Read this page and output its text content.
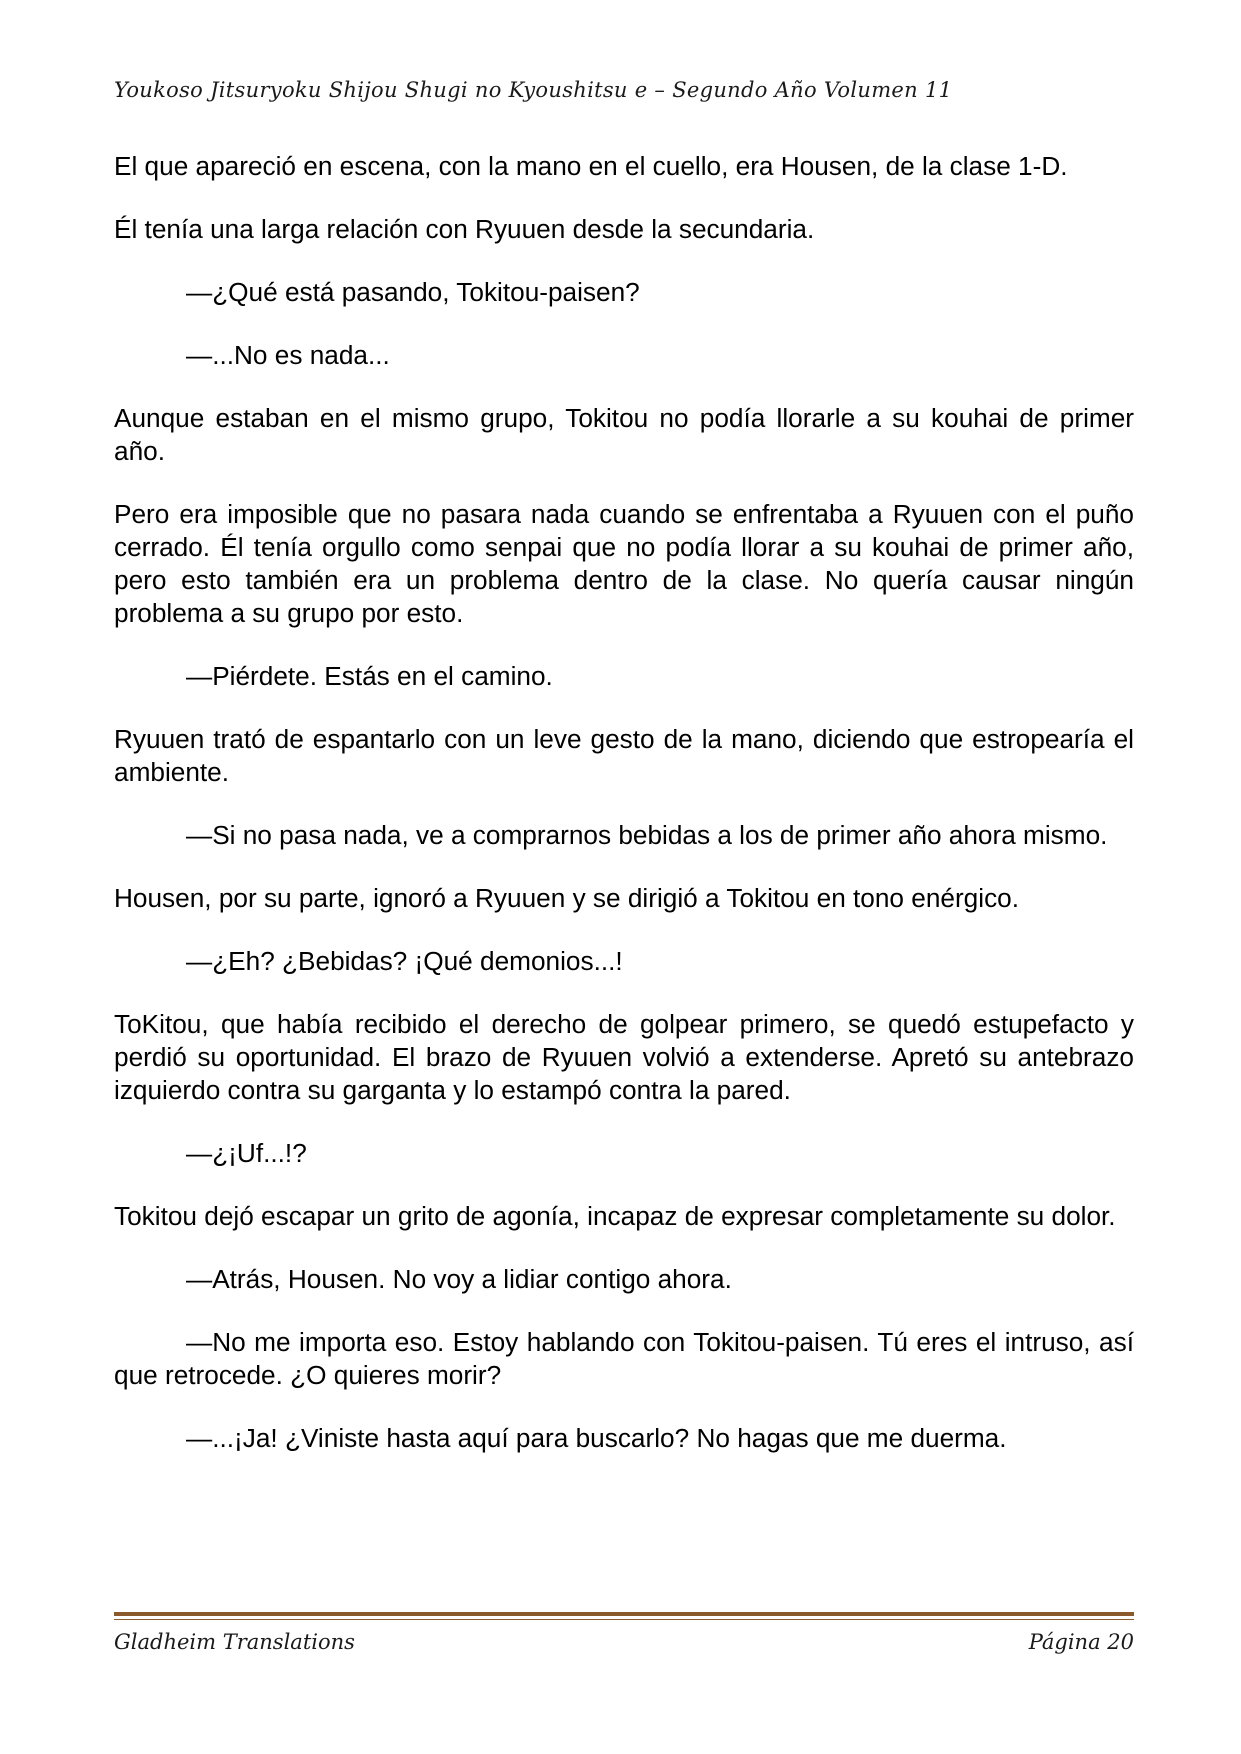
Youkoso Jitsuryoku Shijou Shugi no Kyoushitsu e – Segundo Año Volumen 11

El que apareció en escena, con la mano en el cuello, era Housen, de la clase 1-D.

Él tenía una larga relación con Ryuuen desde la secundaria.

—¿Qué está pasando, Tokitou-paisen?

—...No es nada...

Aunque estaban en el mismo grupo, Tokitou no podía llorarle a su kouhai de primer año.

Pero era imposible que no pasara nada cuando se enfrentaba a Ryuuen con el puño cerrado. Él tenía orgullo como senpai que no podía llorar a su kouhai de primer año, pero esto también era un problema dentro de la clase. No quería causar ningún problema a su grupo por esto.

—Piérdete. Estás en el camino.

Ryuuen trató de espantarlo con un leve gesto de la mano, diciendo que estropearía el ambiente.

—Si no pasa nada, ve a comprarnos bebidas a los de primer año ahora mismo.

Housen, por su parte, ignoró a Ryuuen y se dirigió a Tokitou en tono enérgico.

—¿Eh? ¿Bebidas? ¡Qué demonios...!

ToKitou, que había recibido el derecho de golpear primero, se quedó estupefacto y perdió su oportunidad. El brazo de Ryuuen volvió a extenderse. Apretó su antebrazo izquierdo contra su garganta y lo estampó contra la pared.

—¿¡Uf...!?

Tokitou dejó escapar un grito de agonía, incapaz de expresar completamente su dolor.

—Atrás, Housen. No voy a lidiar contigo ahora.

—No me importa eso. Estoy hablando con Tokitou-paisen. Tú eres el intruso, así que retrocede. ¿O quieres morir?

—...¡Ja! ¿Viniste hasta aquí para buscarlo? No hagas que me duerma.

Gladheim Translations	Página 20
